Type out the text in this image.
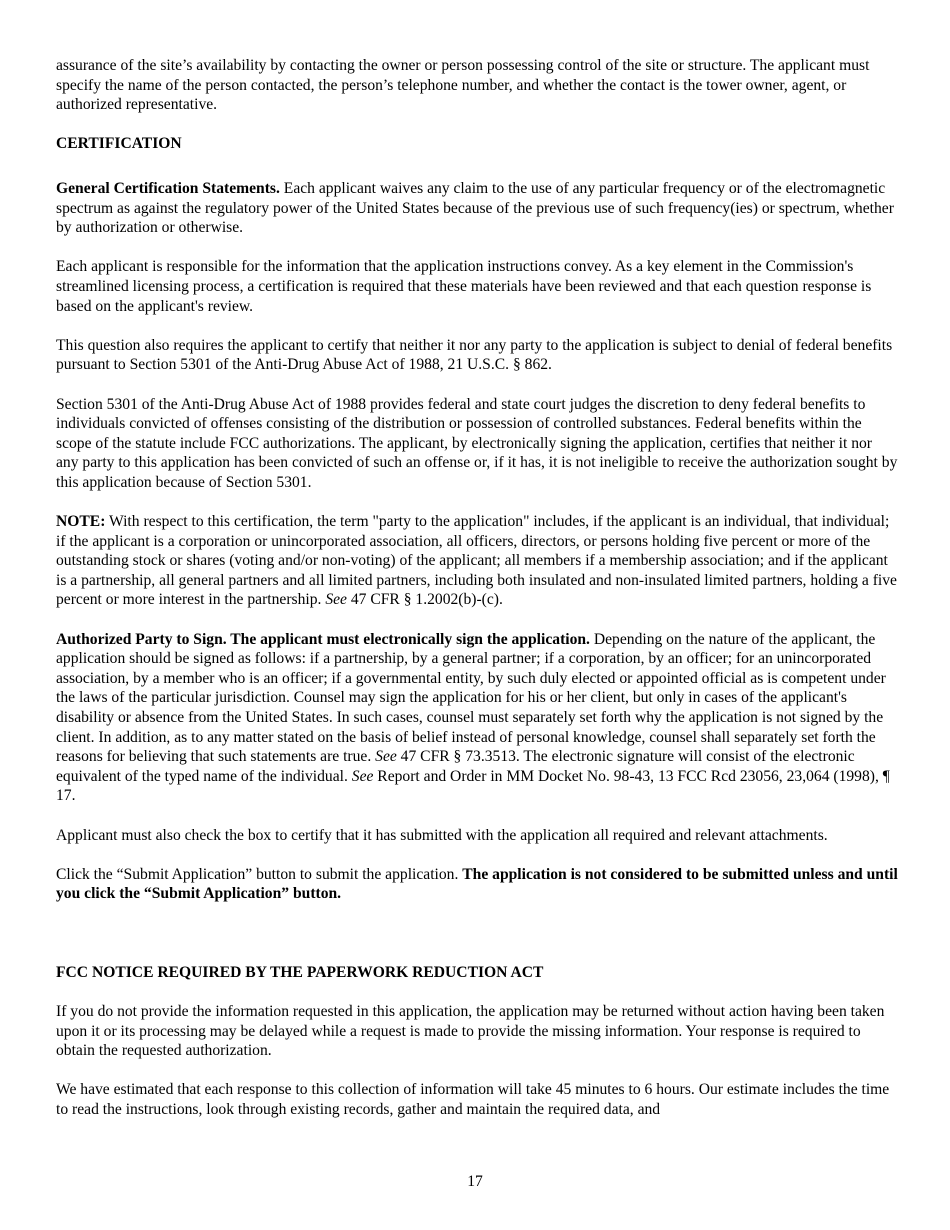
assurance of the site’s availability by contacting the owner or person possessing control of the site or structure. The applicant must specify the name of the person contacted, the person’s telephone number, and whether the contact is the tower owner, agent, or authorized representative.

CERTIFICATION

General Certification Statements. Each applicant waives any claim to the use of any particular frequency or of the electromagnetic spectrum as against the regulatory power of the United States because of the previous use of such frequency(ies) or spectrum, whether by authorization or otherwise.

Each applicant is responsible for the information that the application instructions convey. As a key element in the Commission's streamlined licensing process, a certification is required that these materials have been reviewed and that each question response is based on the applicant's review.

This question also requires the applicant to certify that neither it nor any party to the application is subject to denial of federal benefits pursuant to Section 5301 of the Anti-Drug Abuse Act of 1988, 21 U.S.C. § 862.

Section 5301 of the Anti-Drug Abuse Act of 1988 provides federal and state court judges the discretion to deny federal benefits to individuals convicted of offenses consisting of the distribution or possession of controlled substances. Federal benefits within the scope of the statute include FCC authorizations. The applicant, by electronically signing the application, certifies that neither it nor any party to this application has been convicted of such an offense or, if it has, it is not ineligible to receive the authorization sought by this application because of Section 5301.

NOTE: With respect to this certification, the term "party to the application" includes, if the applicant is an individual, that individual; if the applicant is a corporation or unincorporated association, all officers, directors, or persons holding five percent or more of the outstanding stock or shares (voting and/or non-voting) of the applicant; all members if a membership association; and if the applicant is a partnership, all general partners and all limited partners, including both insulated and non-insulated limited partners, holding a five percent or more interest in the partnership. See 47 CFR § 1.2002(b)-(c).

Authorized Party to Sign. The applicant must electronically sign the application. Depending on the nature of the applicant, the application should be signed as follows: if a partnership, by a general partner; if a corporation, by an officer; for an unincorporated association, by a member who is an officer; if a governmental entity, by such duly elected or appointed official as is competent under the laws of the particular jurisdiction. Counsel may sign the application for his or her client, but only in cases of the applicant's disability or absence from the United States. In such cases, counsel must separately set forth why the application is not signed by the client. In addition, as to any matter stated on the basis of belief instead of personal knowledge, counsel shall separately set forth the reasons for believing that such statements are true. See 47 CFR § 73.3513. The electronic signature will consist of the electronic equivalent of the typed name of the individual. See Report and Order in MM Docket No. 98-43, 13 FCC Rcd 23056, 23,064 (1998), ¶ 17.

Applicant must also check the box to certify that it has submitted with the application all required and relevant attachments.

Click the “Submit Application” button to submit the application. The application is not considered to be submitted unless and until you click the “Submit Application” button.

FCC NOTICE REQUIRED BY THE PAPERWORK REDUCTION ACT

If you do not provide the information requested in this application, the application may be returned without action having been taken upon it or its processing may be delayed while a request is made to provide the missing information. Your response is required to obtain the requested authorization.

We have estimated that each response to this collection of information will take 45 minutes to 6 hours. Our estimate includes the time to read the instructions, look through existing records, gather and maintain the required data, and

17
